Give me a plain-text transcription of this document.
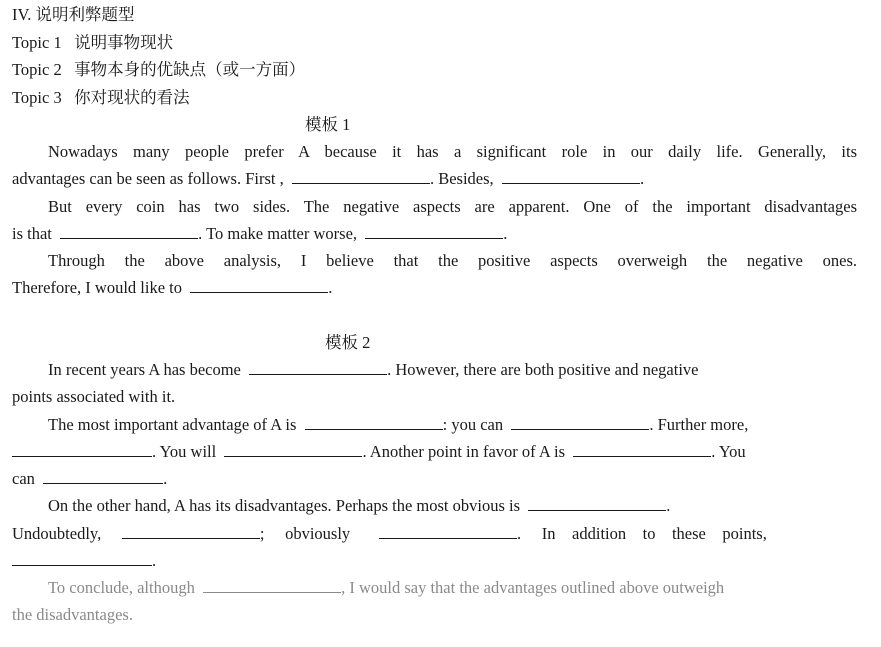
IV. 说明利弊题型
Topic 1 说明事物现状
Topic 2 事物本身的优缺点（或一方面）
Topic 3 你对现状的看法
模板 1
Nowadays many people prefer A because it has a significant role in our daily life. Generally, its
advantages can be seen as follows. First ,	. Besides,	.
But every coin has two sides. The negative aspects are apparent. One of the important disadvantages
is that	. To make matter worse,	.
Through the above analysis, I believe that the positive aspects overweigh the negative ones.
Therefore, I would like to	.
模板 2
In recent years A has become	. However, there are both positive and negative
points associated with it.
The most important advantage of A is	: you can	. Further more,
. You will	. Another point in favor of A is	. You
can	.
On the other hand, A has its disadvantages. Perhaps the most obvious is	.
Undoubtedly,	; obviously	. In addition to these points,
.
To conclude, although	, I would say that the advantages outlined above outweigh
the disadvantages.
